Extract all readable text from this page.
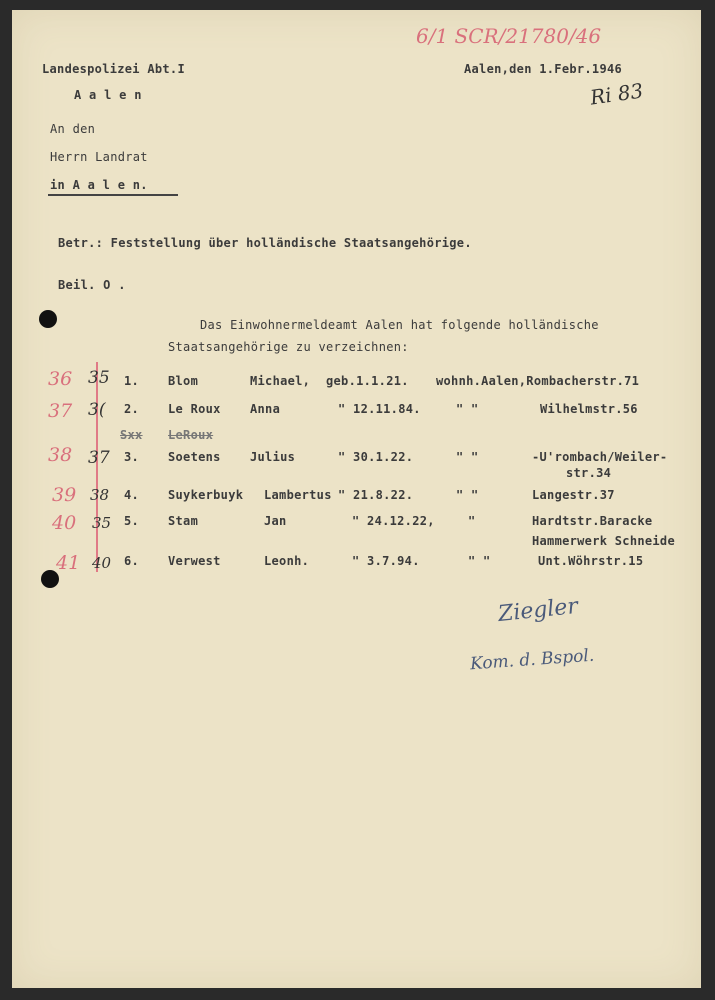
6/1 SCR/21780/46
Ri 83
Landespolizei Abt.I
A a l e n
Aalen,den 1.Febr.1946
An den
Herrn Landrat
in A a l e n.
Betr.: Feststellung über holländische Staatsangehörige.
Beil. O .
Das Einwohnermeldeamt Aalen hat folgende holländische
Staatsangehörige zu verzeichnen:
36 35 1. Blom	Michael, geb.1.1.21. wohnh.Aalen,Rombacherstr.71
37 3( 2. Le Roux Anna	" 12.11.84.	" "	Wilhelmstr.56
Sxx LeRoux
38 37 3. Soetens Julius	" 30.1.22.	" "	-U'rombach/Weiler-
str.34
39 38 4. Suykerbuyk Lambertus " 21.8.22.	" "	Langestr.37
40 35 5. Stam	Jan	" 24.12.22,	"	Hardtstr.Baracke
Hammerwerk Schneide
41 40 6. Verwest	Leonh.	" 3.7.94.	" "	Unt.Wöhrstr.15
Ziegler
Kom. d. Bspol.
